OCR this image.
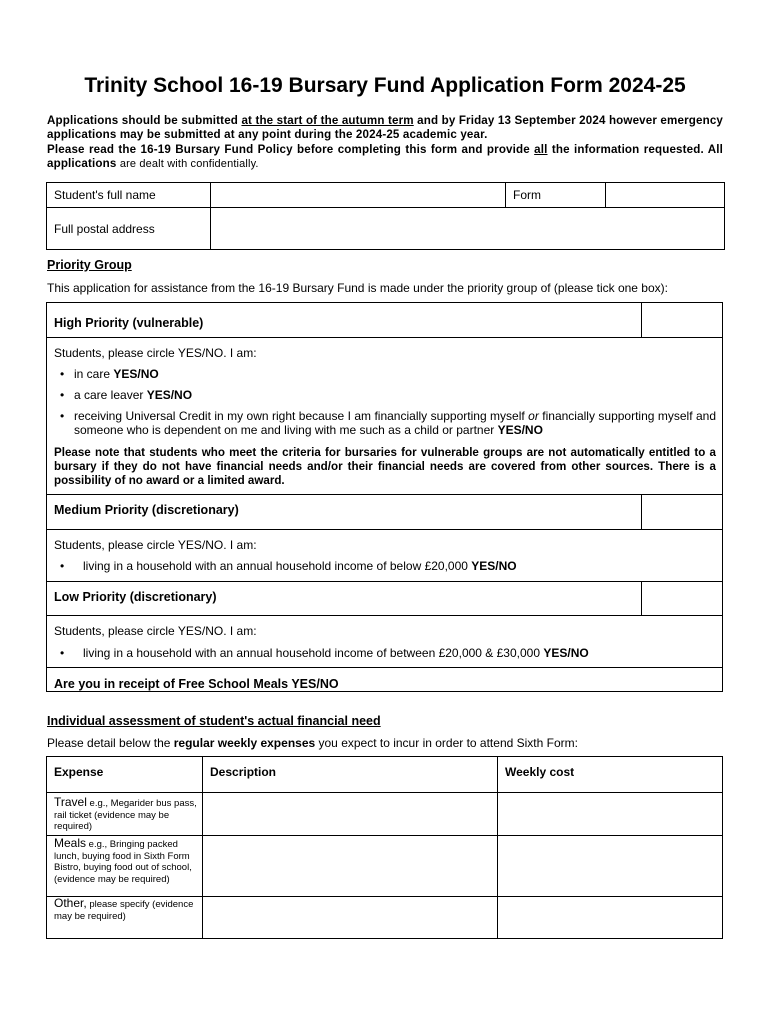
Trinity School 16-19 Bursary Fund Application Form 2024-25
Applications should be submitted at the start of the autumn term and by Friday 13 September 2024 however emergency applications may be submitted at any point during the 2024-25 academic year.
Please read the 16-19 Bursary Fund Policy before completing this form and provide all the information requested. All applications are dealt with confidentially.
Student's full name	Form
Full postal address
Priority Group
This application for assistance from the 16-19 Bursary Fund is made under the priority group of (please tick one box):
High Priority (vulnerable)
Students, please circle YES/NO. I am:
• in care YES/NO
• a care leaver YES/NO
• receiving Universal Credit in my own right because I am financially supporting myself or financially supporting myself and someone who is dependent on me and living with me such as a child or partner YES/NO
Please note that students who meet the criteria for bursaries for vulnerable groups are not automatically entitled to a bursary if they do not have financial needs and/or their financial needs are covered from other sources. There is a possibility of no award or a limited award.
Medium Priority (discretionary)
Students, please circle YES/NO. I am:
• living in a household with an annual household income of below £20,000 YES/NO
Low Priority (discretionary)
Students, please circle YES/NO. I am:
• living in a household with an annual household income of between £20,000 & £30,000 YES/NO
Are you in receipt of Free School Meals YES/NO
Individual assessment of student's actual financial need
Please detail below the regular weekly expenses you expect to incur in order to attend Sixth Form:
Expense	Description	Weekly cost
Travel e.g., Megarider bus pass, rail ticket (evidence may be required)
Meals e.g., Bringing packed lunch, buying food in Sixth Form Bistro, buying food out of school, (evidence may be required)
Other, please specify (evidence may be required)
